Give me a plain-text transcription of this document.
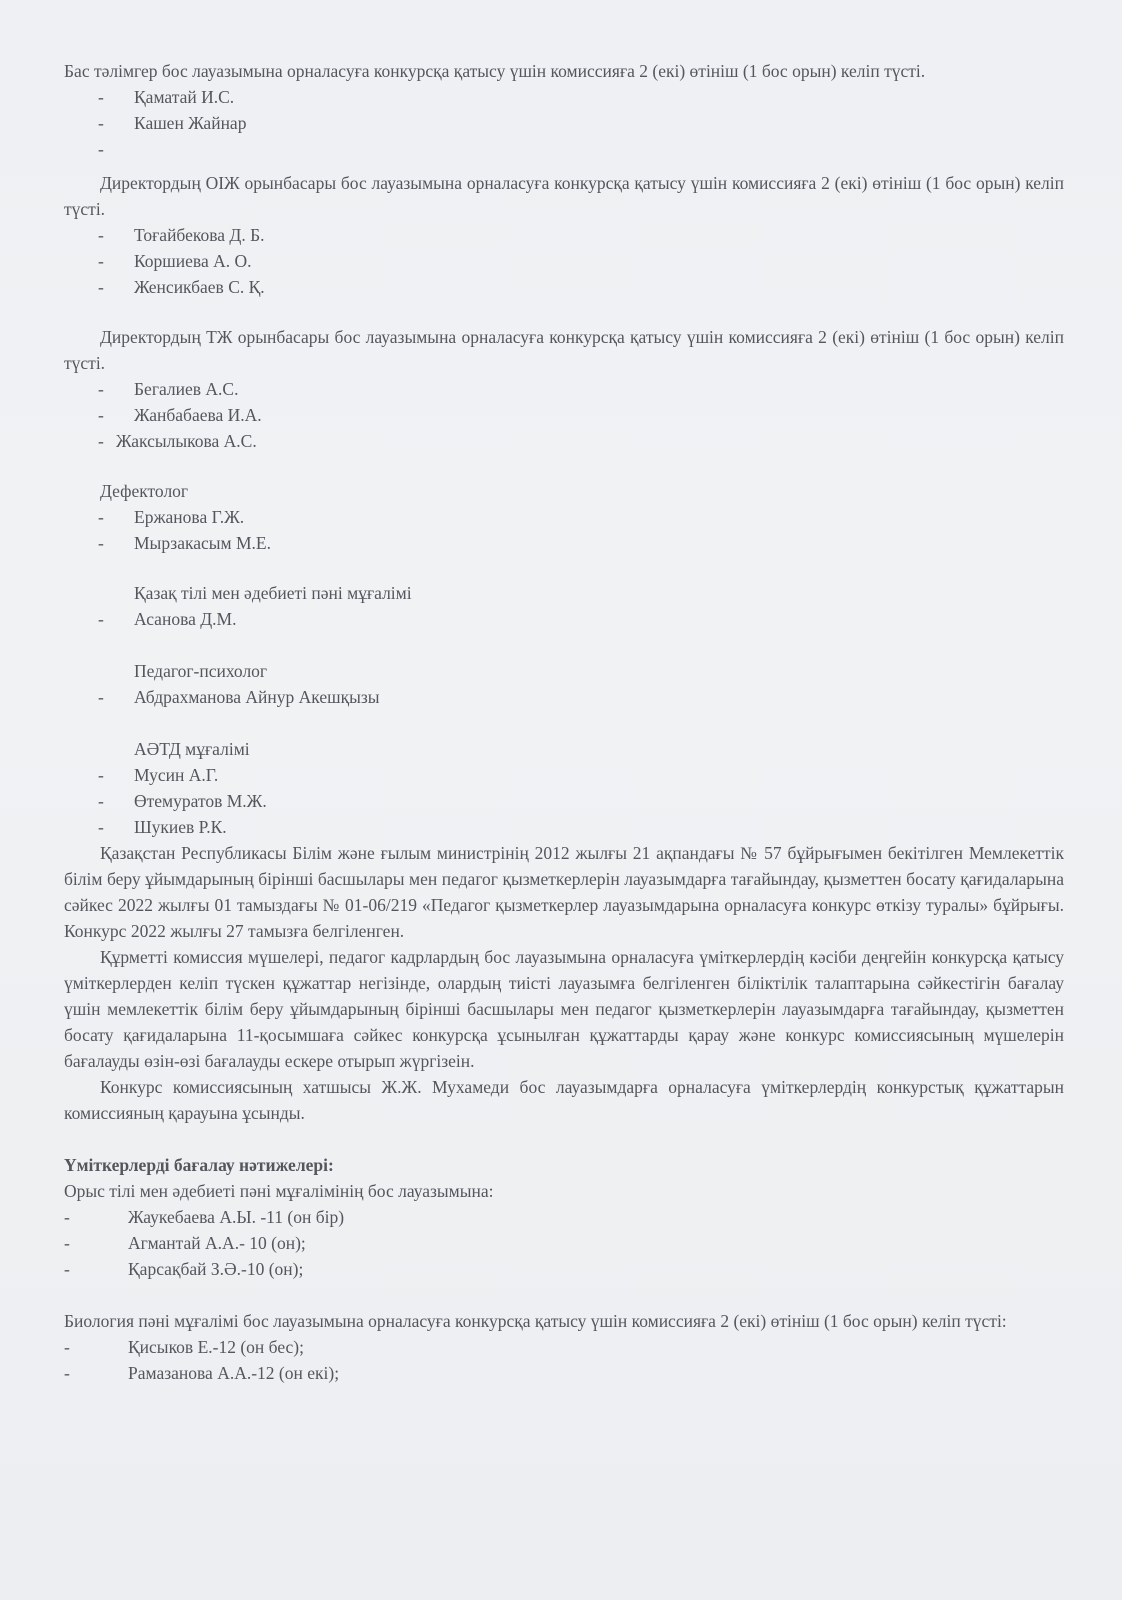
Бас тәлімгер бос лауазымына орналасуға конкурсқа қатысу үшін комиссияға 2 (екі) өтініш (1 бос орын) келіп түсті.

- Қаматай И.С.
- Кашен Жайнар
-

Директордың ОІЖ орынбасары бос лауазымына орналасуға конкурсқа қатысу үшін комиссияға 2 (екі) өтініш (1 бос орын) келіп түсті.

- Тоғайбекова Д. Б.
- Коршиева А. О.
- Женсикбаев С. Қ.

Директордың ТЖ орынбасары бос лауазымына орналасуға конкурсқа қатысу үшін комиссияға 2 (екі) өтініш (1 бос орын) келіп түсті.

- Бегалиев А.С.
- Жанбабаева И.А.
- Жаксылыкова А.С.

Дефектолог

- Ержанова Г.Ж.
- Мырзакасым М.Е.

Қазақ тілі мен әдебиеті пәні мұғалімі

- Асанова Д.М.

Педагог-психолог

- Абдрахманова Айнур Акешқызы

АӘТД мұғалімі

- Мусин А.Г.
- Өтемуратов М.Ж.
- Шукиев Р.К.

Қазақстан Республикасы Білім және ғылым министрінің 2012 жылғы 21 ақпандағы № 57 бұйрығымен бекітілген Мемлекеттік білім беру ұйымдарының бірінші басшылары мен педагог қызметкерлерін лауазымдарға тағайындау, қызметтен босату қағидаларына сәйкес 2022 жылғы 01 тамыздағы № 01-06/219 «Педагог қызметкерлер лауазымдарына орналасуға конкурс өткізу туралы» бұйрығы. Конкурс 2022 жылғы 27 тамызға белгіленген.

Құрметті комиссия мүшелері, педагог кадрлардың бос лауазымына орналасуға үміткерлердің кәсіби деңгейін конкурсқа қатысу үміткерлерден келіп түскен құжаттар негізінде, олардың тиісті лауазымға белгіленген біліктілік талаптарына сәйкестігін бағалау үшін мемлекеттік білім беру ұйымдарының бірінші басшылары мен педагог қызметкерлерін лауазымдарға тағайындау, қызметтен босату қағидаларына 11-қосымшаға сәйкес конкурсқа ұсынылған құжаттарды қарау және конкурс комиссиясының мүшелерін бағалауды өзін-өзі бағалауды ескере отырып жүргізеін.

Конкурс комиссиясының хатшысы Ж.Ж. Мухамеди бос лауазымдарға орналасуға үміткерлердің конкурстық құжаттарын комиссияның қарауына ұсынды.

Үміткерлерді бағалау нәтижелері:

Орыс тілі мен әдебиеті пәні мұғалімінің бос лауазымына:

-	Жаукебаева А.Ы. -11 (он бір)
-	Агмантай А.А.- 10 (он);
-	Қарсақбай З.Ә.-10 (он);

Биология пәні мұғалімі бос лауазымына орналасуға конкурсқа қатысу үшін комиссияға 2 (екі) өтініш (1 бос орын) келіп түсті:

-	Қисыков Е.-12 (он бес);
-	Рамазанова А.А.-12 (он екі);
